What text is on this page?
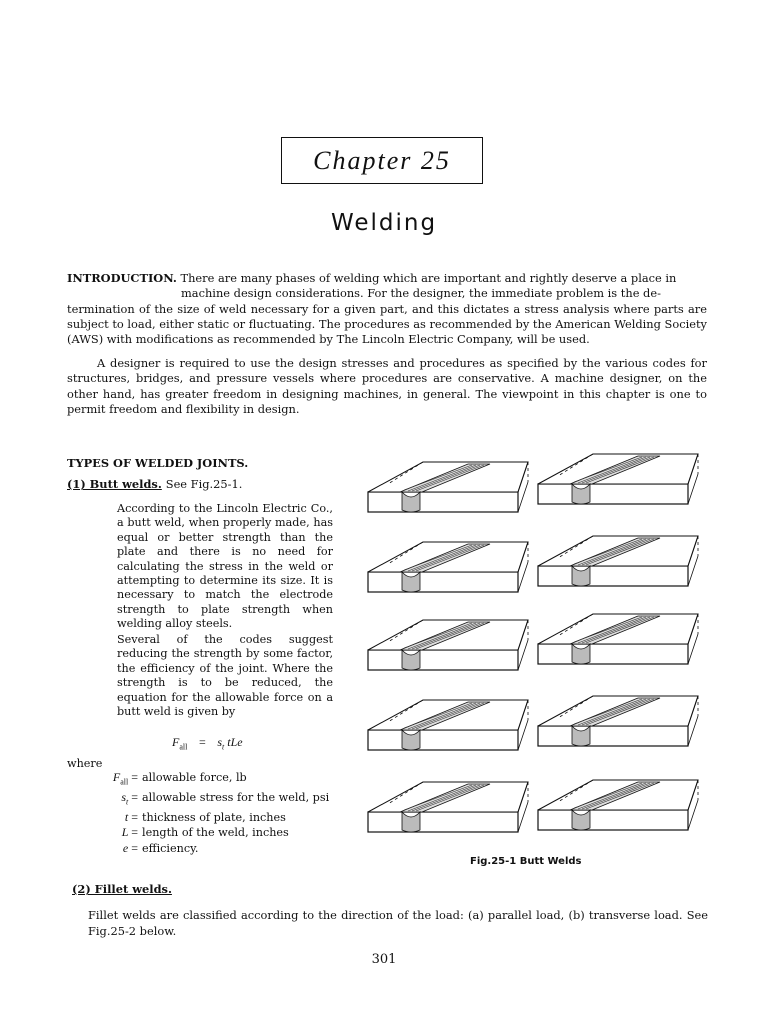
Chapter 25
Welding
INTRODUCTION. There are many phases of welding which are important and rightly deserve a place in
machine design considerations. For the designer, the immediate problem is the de-
termination of the size of weld necessary for a given part, and this dictates a stress analysis where parts are subject to load, either static or fluctuating. The procedures as recommended by the American Welding Society (AWS) with modifications as recommended by The Lincoln Electric Company, will be used.
A designer is required to use the design stresses and procedures as specified by the various codes for structures, bridges, and pressure vessels where procedures are conservative. A machine designer, on the other hand, has greater freedom in designing machines, in general. The viewpoint in this chapter is one to permit freedom and flexibility in design.
TYPES OF WELDED JOINTS.
(1) Butt welds. See Fig.25-1.
According to the Lincoln Electric Co., a butt weld, when properly made, has equal or better strength than the plate and there is no need for calculating the stress in the weld or attempting to determine its size. It is necessary to match the electrode strength to plate strength when welding alloy steels.
Several of the codes suggest reducing the strength by some factor, the efficiency of the joint. Where the strength is to be reduced, the equation for the allowable force on a butt weld is given by
$F_{all} = s_t$ tLe
where
$F_{all}$ = allowable force, lb
$s_t$ = allowable stress for the weld, psi
t = thickness of plate, inches
L = length of the weld, inches
e = efficiency.
Fig.25-1 Butt Welds
(2) Fillet welds.
Fillet welds are classified according to the direction of the load: (a) parallel load, (b) transverse load. See Fig.25-2 below.
301
